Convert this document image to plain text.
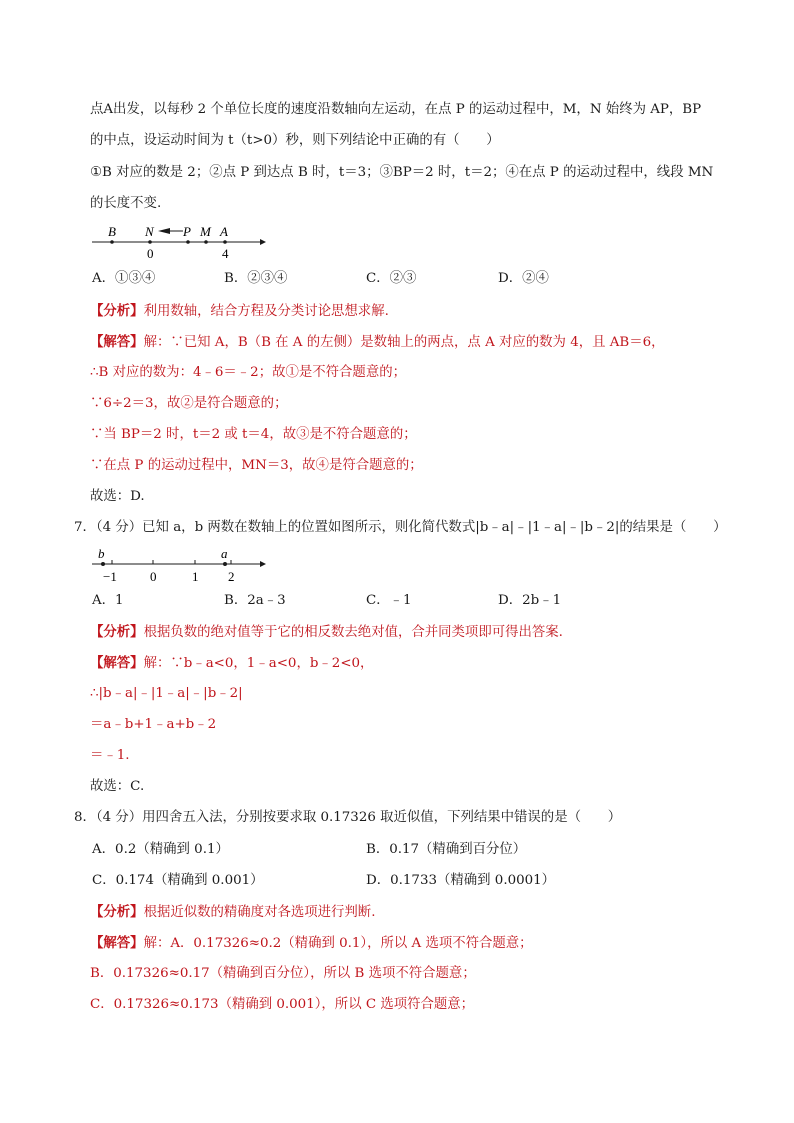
点A出发，以每秒 2 个单位长度的速度沿数轴向左运动，在点 P 的运动过程中，M，N 始终为 AP，BP
的中点，设运动时间为 t（t>0）秒，则下列结论中正确的有（　　）
①B 对应的数是 2；②点 P 到达点 B 时，t＝3；③BP＝2 时，t＝2；④在点 P 的运动过程中，线段 MN
的长度不变.
B N P M A
0	4
A．①③④	B．②③④	C．②③	D．②④
【分析】利用数轴，结合方程及分类讨论思想求解.
【解答】解：∵已知 A，B（B 在 A 的左侧）是数轴上的两点，点 A 对应的数为 4，且 AB＝6，
∴B 对应的数为：4﹣6＝﹣2；故①是不符合题意的；
∵6÷2＝3，故②是符合题意的；
∵当 BP＝2 时，t＝2 或 t＝4，故③是不符合题意的；
∵在点 P 的运动过程中，MN＝3，故④是符合题意的；
故选：D.
7．（4 分）已知 a，b 两数在数轴上的位置如图所示，则化简代数式|b﹣a|﹣|1﹣a|﹣|b﹣2|的结果是（　　）
b	a
−1	0	1 2
A．1	B．2a﹣3	C．﹣1	D．2b﹣1
【分析】根据负数的绝对值等于它的相反数去绝对值，合并同类项即可得出答案.
【解答】解：∵b﹣a<0，1﹣a<0，b﹣2<0，
∴|b﹣a|﹣|1﹣a|﹣|b﹣2|
＝a﹣b+1﹣a+b﹣2
＝﹣1.
故选：C.
8．（4 分）用四舍五入法，分别按要求取 0.17326 取近似值，下列结果中错误的是（　　）
A．0.2（精确到 0.1）	B．0.17（精确到百分位）
C．0.174（精确到 0.001）	D．0.1733（精确到 0.0001）
【分析】根据近似数的精确度对各选项进行判断.
【解答】解：A．0.17326≈0.2（精确到 0.1），所以 A 选项不符合题意；
B．0.17326≈0.17（精确到百分位），所以 B 选项不符合题意；
C．0.17326≈0.173（精确到 0.001），所以 C 选项符合题意；
